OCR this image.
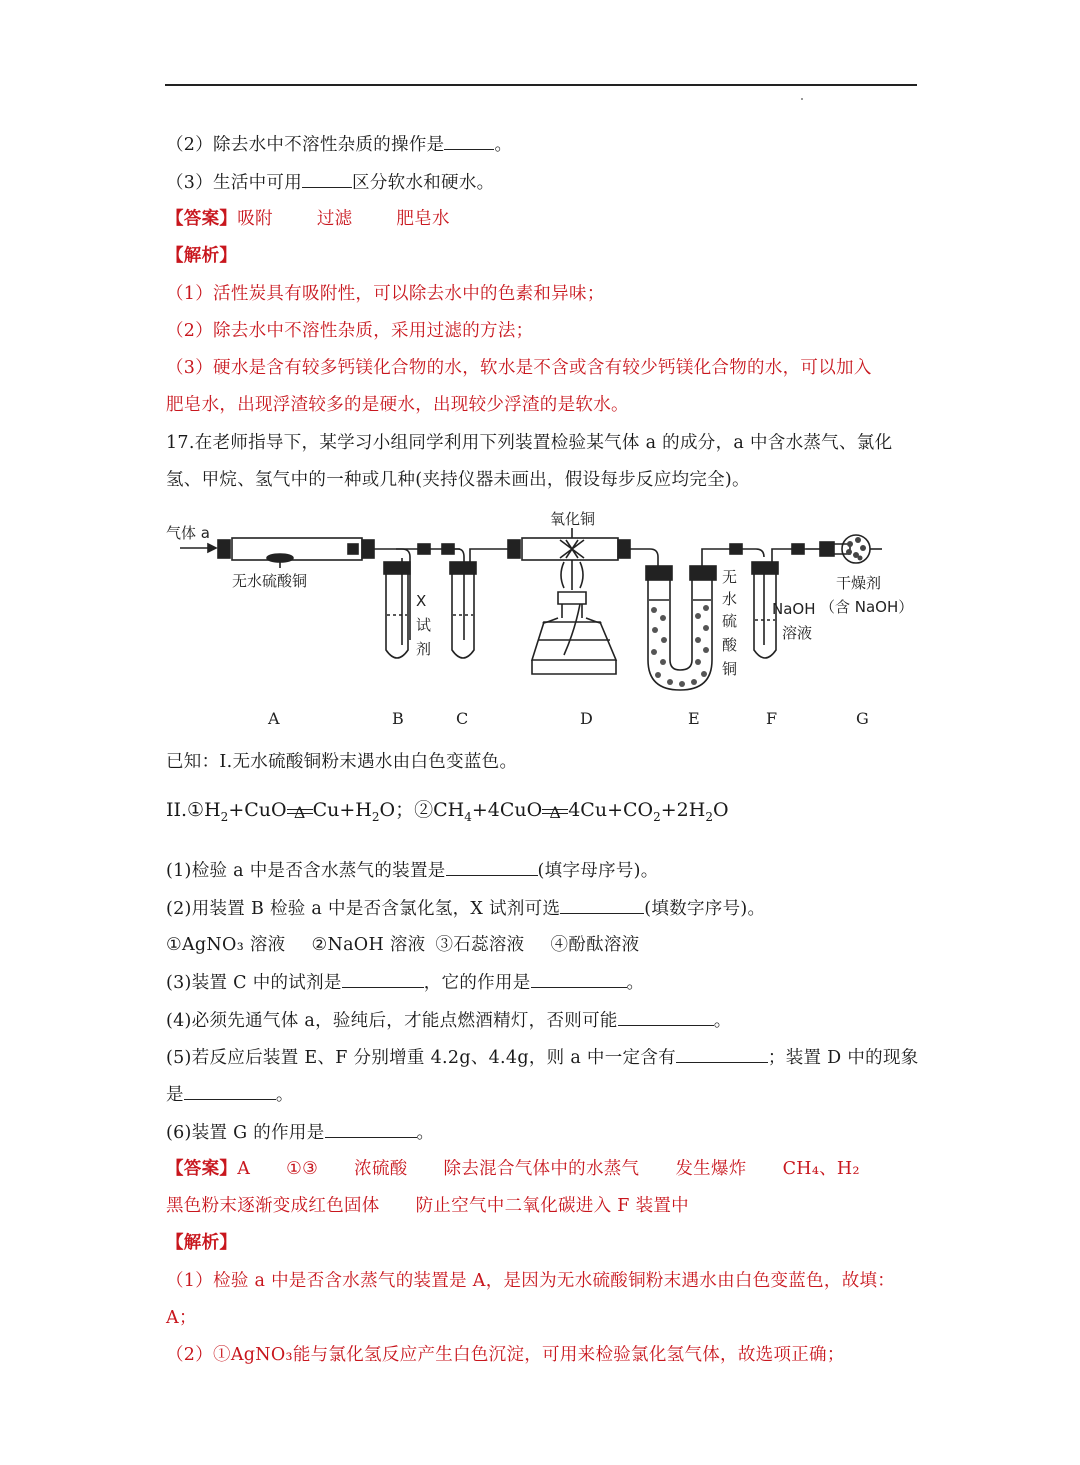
（2）除去水中不溶性杂质的操作是	。
（3）生活中可用	区分软水和硬水。
【答案】吸附	过滤	肥皂水
【解析】
（1）活性炭具有吸附性，可以除去水中的色素和异味；
（2）除去水中不溶性杂质，采用过滤的方法；
（3）硬水是含有较多钙镁化合物的水，软水是不含或含有较少钙镁化合物的水，可以加入
肥皂水，出现浮渣较多的是硬水，出现较少浮渣的是软水。
17.在老师指导下，某学习小组同学利用下列装置检验某气体 a 的成分，a 中含水蒸气、氯化
氢、甲烷、氢气中的一种或几种(夹持仪器未画出，假设每步反应均完全)。
气体 a
无水硫酸铜
X
试
剂
氧化铜
无
水
硫
酸
铜
NaOH
溶液
干燥剂
（含 NaOH）
A	B	C	D	E	F	G
已知：I.无水硫酸铜粉末遇水由白色变蓝色。
$II.①H_2+CuO$ Δ $Cu+H_2O$；$②CH_4+4CuO$ Δ $4Cu+CO_2+2H_2O$
(1)检验 a 中是否含水蒸气的装置是	(填字母序号)。
(2)用装置 B 检验 a 中是否含氯化氢，X 试剂可选	(填数字序号)。
①AgNO₃ 溶液 ②NaOH 溶液 ③石蕊溶液 ④酚酞溶液
(3)装置 C 中的试剂是	，它的作用是	。
(4)必须先通气体 a，验纯后，才能点燃酒精灯，否则可能	。
(5)若反应后装置 E、F 分别增重 4.2g、4.4g，则 a 中一定含有	；装置 D 中的现象
是	。
(6)装置 G 的作用是	。
【答案】A ①③ 浓硫酸 除去混合气体中的水蒸气 发生爆炸 CH₄、H₂
黑色粉末逐渐变成红色固体 防止空气中二氧化碳进入 F 装置中
【解析】
（1）检验 a 中是否含水蒸气的装置是 A，是因为无水硫酸铜粉末遇水由白色变蓝色，故填：
A；
（2）①AgNO₃能与氯化氢反应产生白色沉淀，可用来检验氯化氢气体，故选项正确；
